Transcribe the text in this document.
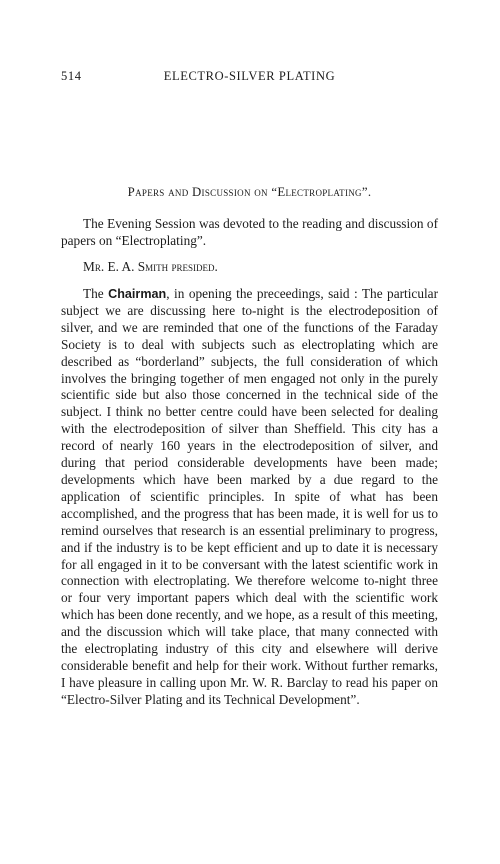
514	ELECTRO-SILVER PLATING
Papers and Discussion on “Electroplating”.

The Evening Session was devoted to the reading and discussion of papers on “Electroplating”.

Mr. E. A. Smith presided.

The Chairman, in opening the preceedings, said : The particular subject we are discussing here to-night is the electrodeposition of silver, and we are reminded that one of the functions of the Faraday Society is to deal with subjects such as electroplating which are described as “borderland” subjects, the full consideration of which involves the bringing together of men engaged not only in the purely scientific side but also those concerned in the technical side of the subject. I think no better centre could have been selected for dealing with the electrodeposition of silver than Sheffield. This city has a record of nearly 160 years in the electrodeposition of silver, and during that period considerable developments have been made; developments which have been marked by a due regard to the application of scientific principles. In spite of what has been accomplished, and the progress that has been made, it is well for us to remind ourselves that research is an essential preliminary to progress, and if the industry is to be kept efficient and up to date it is necessary for all engaged in it to be conversant with the latest scientific work in connection with electroplating. We therefore welcome to-night three or four very important papers which deal with the scientific work which has been done recently, and we hope, as a result of this meeting, and the discussion which will take place, that many connected with the electroplating industry of this city and elsewhere will derive considerable benefit and help for their work. Without further remarks, I have pleasure in calling upon Mr. W. R. Barclay to read his paper on “Electro-Silver Plating and its Technical Development”.
